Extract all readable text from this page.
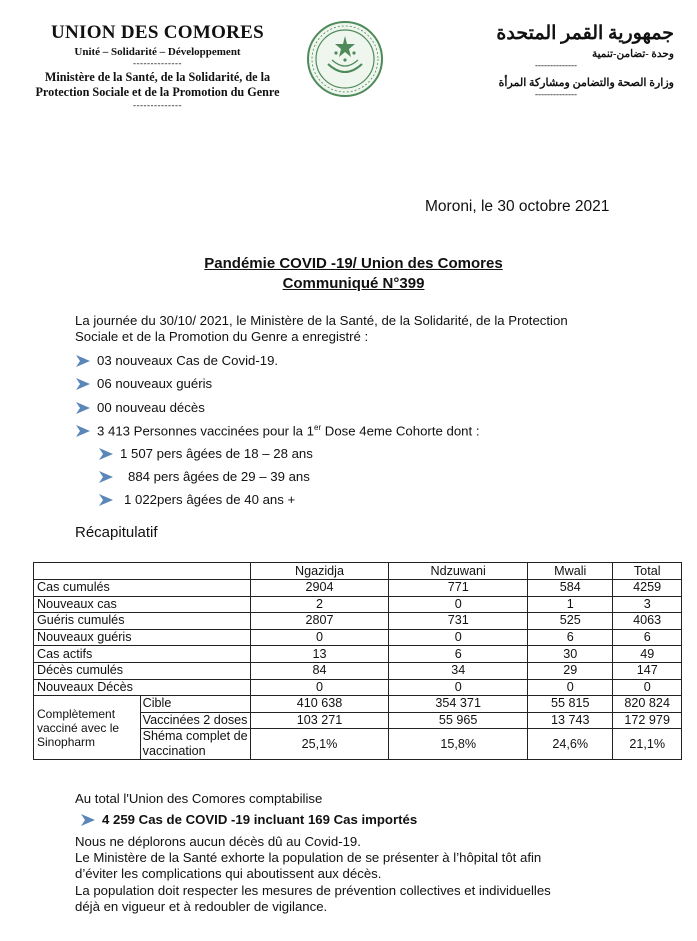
UNION DES COMORES
Unité – Solidarité – Développement
--------------
Ministère de la Santé, de la Solidarité, de la
Protection Sociale et de la Promotion du Genre
--------------
جمهورية القمر المتحدة
وحدة -تضامن-تنمية
--------------
وزارة الصحة والتضامن ومشاركة المرأة
--------------
Moroni, le 30 octobre 2021
Pandémie COVID -19/ Union des Comores
Communiqué N°399
La journée du 30/10/ 2021, le Ministère de la Santé, de la Solidarité, de la Protection
Sociale et de la Promotion du Genre a enregistré :
03 nouveaux Cas de Covid-19.
06 nouveaux guéris
00 nouveau décès
3 413 Personnes vaccinées pour la 1er Dose 4eme Cohorte dont :
1 507 pers âgées de 18 – 28 ans
884 pers âgées de 29 – 39 ans
1 022pers âgées de 40 ans +
Récapitulatif
		Ngazidja	Ndzuwani	Mwali	Total
Cas cumulés		2904	771	584	4259
Nouveaux cas		2	0	1	3
Guéris cumulés		2807	731	525	4063
Nouveaux guéris		0	0	6	6
Cas actifs		13	6	30	49
Décès cumulés		84	34	29	147
Nouveaux Décès		0	0	0	0

Complètement
vacciné avec le
Sinopharm	Cible	410 638	354 371	55 815	820 824
	Vaccinées 2 doses	103 271	55 965	13 743	172 979

	Shéma complet de
vaccination	25,1%	15,8%	24,6%	21,1%
Au total l'Union des Comores comptabilise
4 259 Cas de COVID -19 incluant 169 Cas importés
Nous ne déplorons aucun décès dû au Covid-19.
Le Ministère de la Santé exhorte la population de se présenter à l’hôpital tôt afin
d’éviter les complications qui aboutissent aux décès.
La population doit respecter les mesures de prévention collectives et individuelles
déjà en vigueur et à redoubler de vigilance.
